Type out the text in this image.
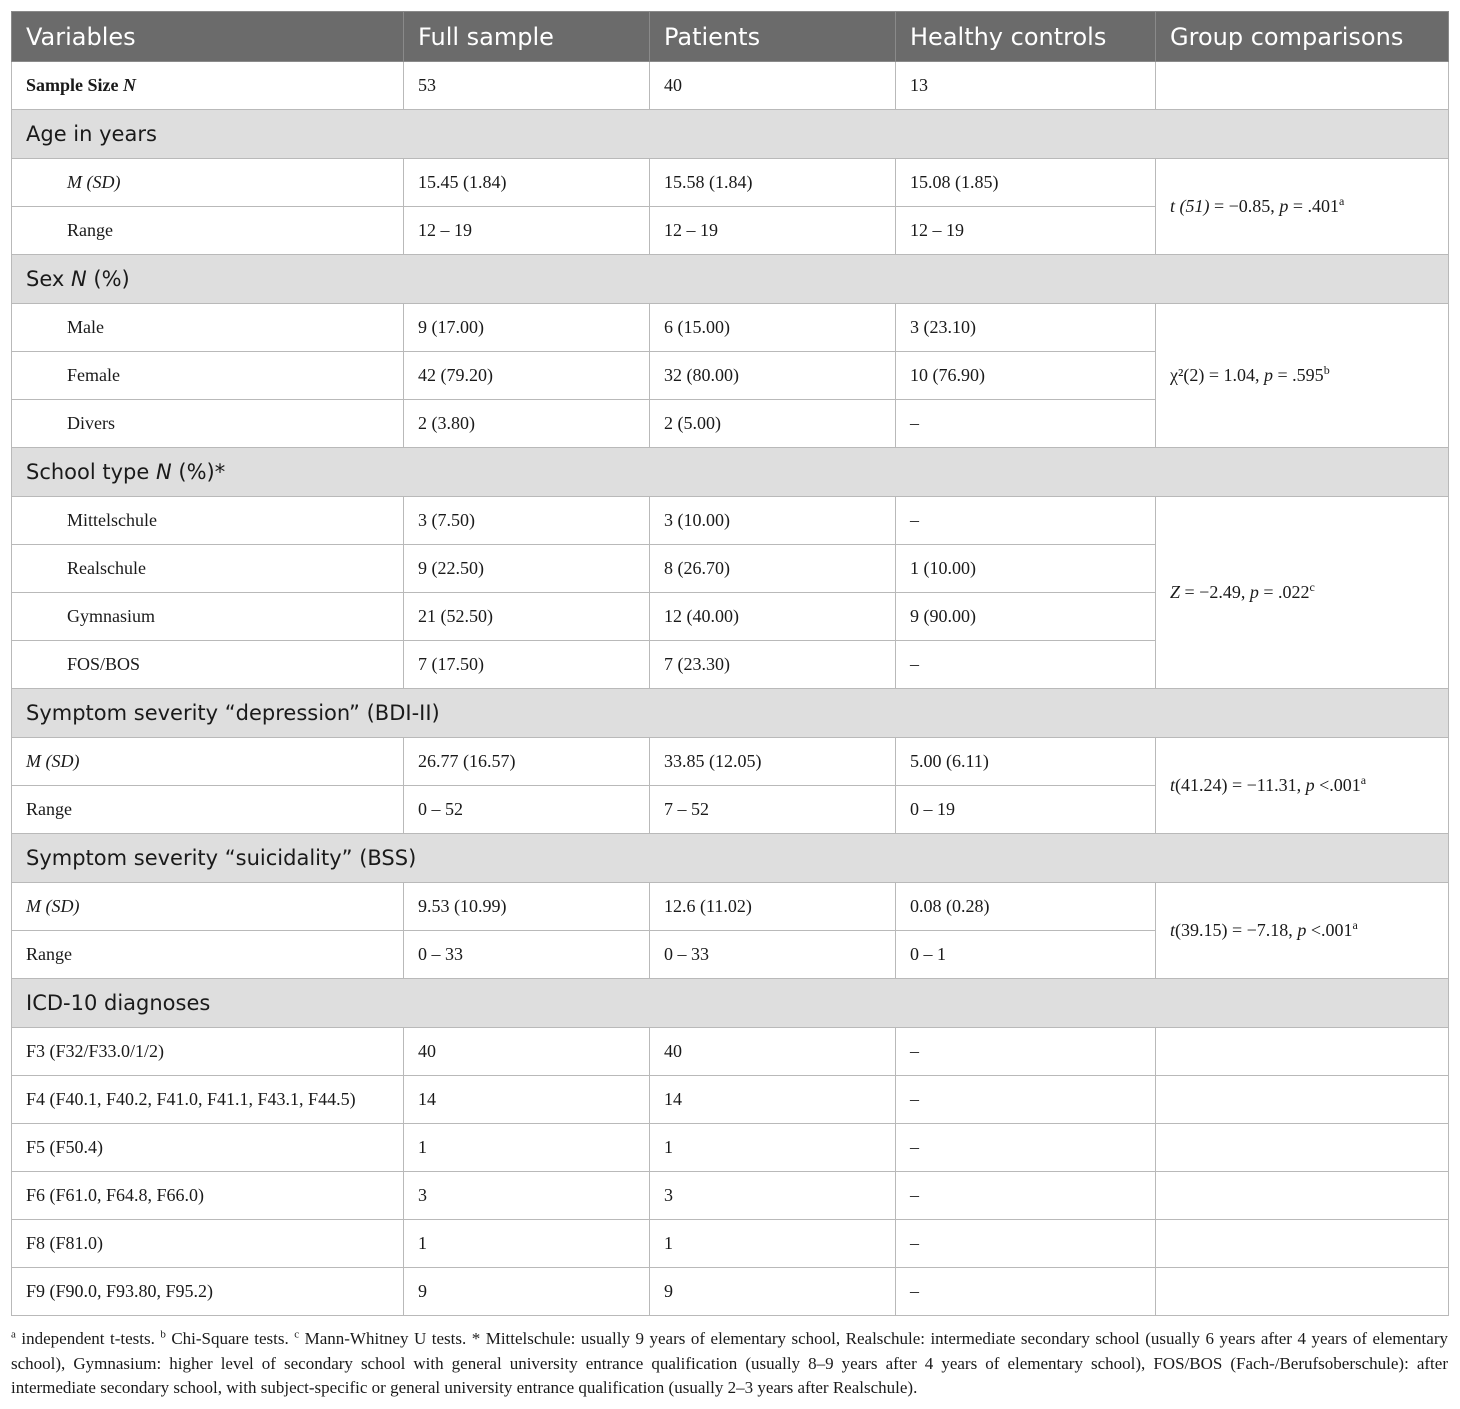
Variables	Full sample	Patients	Healthy controls	Group comparisons
Sample Size N	53	40	13	
Age in years				
M (SD)	15.45 (1.84)	15.58 (1.84)	15.08 (1.85)	t (51) = −0.85, p = .401$^a$
Range	12 – 19	12 – 19	12 – 19	
Sex N (%)				
Male	9 (17.00)	6 (15.00)	3 (23.10)	χ²(2) = 1.04, p = .595$^b$
Female	42 (79.20)	32 (80.00)	10 (76.90)	
Divers	2 (3.80)	2 (5.00)	–	
School type N (%)*				
Mittelschule	3 (7.50)	3 (10.00)	–	Z = −2.49, p = .022$^c$
Realschule	9 (22.50)	8 (26.70)	1 (10.00)	
Gymnasium	21 (52.50)	12 (40.00)	9 (90.00)	
FOS/BOS	7 (17.50)	7 (23.30)	–	
Symptom severity “depression” (BDI-II)				
M (SD)	26.77 (16.57)	33.85 (12.05)	5.00 (6.11)	t(41.24) = −11.31, p <.001$^a$
Range	0 – 52	7 – 52	0 – 19	
Symptom severity “suicidality” (BSS)				
M (SD)	9.53 (10.99)	12.6 (11.02)	0.08 (0.28)	t(39.15) = −7.18, p <.001$^a$
Range	0 – 33	0 – 33	0 – 1	
ICD-10 diagnoses				
F3 (F32/F33.0/1/2)	40	40	–	
F4 (F40.1, F40.2, F41.0, F41.1, F43.1, F44.5)	14	14	–	
F5 (F50.4)	1	1	–	
F6 (F61.0, F64.8, F66.0)	3	3	–	
F8 (F81.0)	1	1	–	
F9 (F90.0, F93.80, F95.2)	9	9	–	
$^a$ independent t-tests. $^b$ Chi-Square tests. $^c$ Mann-Whitney U tests. * Mittelschule: usually 9 years of elementary school, Realschule: intermediate secondary school (usually 6 years after 4 years of elementary school), Gymnasium: higher level of secondary school with general university entrance qualification (usually 8–9 years after 4 years of elementary school), FOS/BOS (Fach-/Berufsoberschule): after intermediate secondary school, with subject-specific or general university entrance qualification (usually 2–3 years after Realschule).
